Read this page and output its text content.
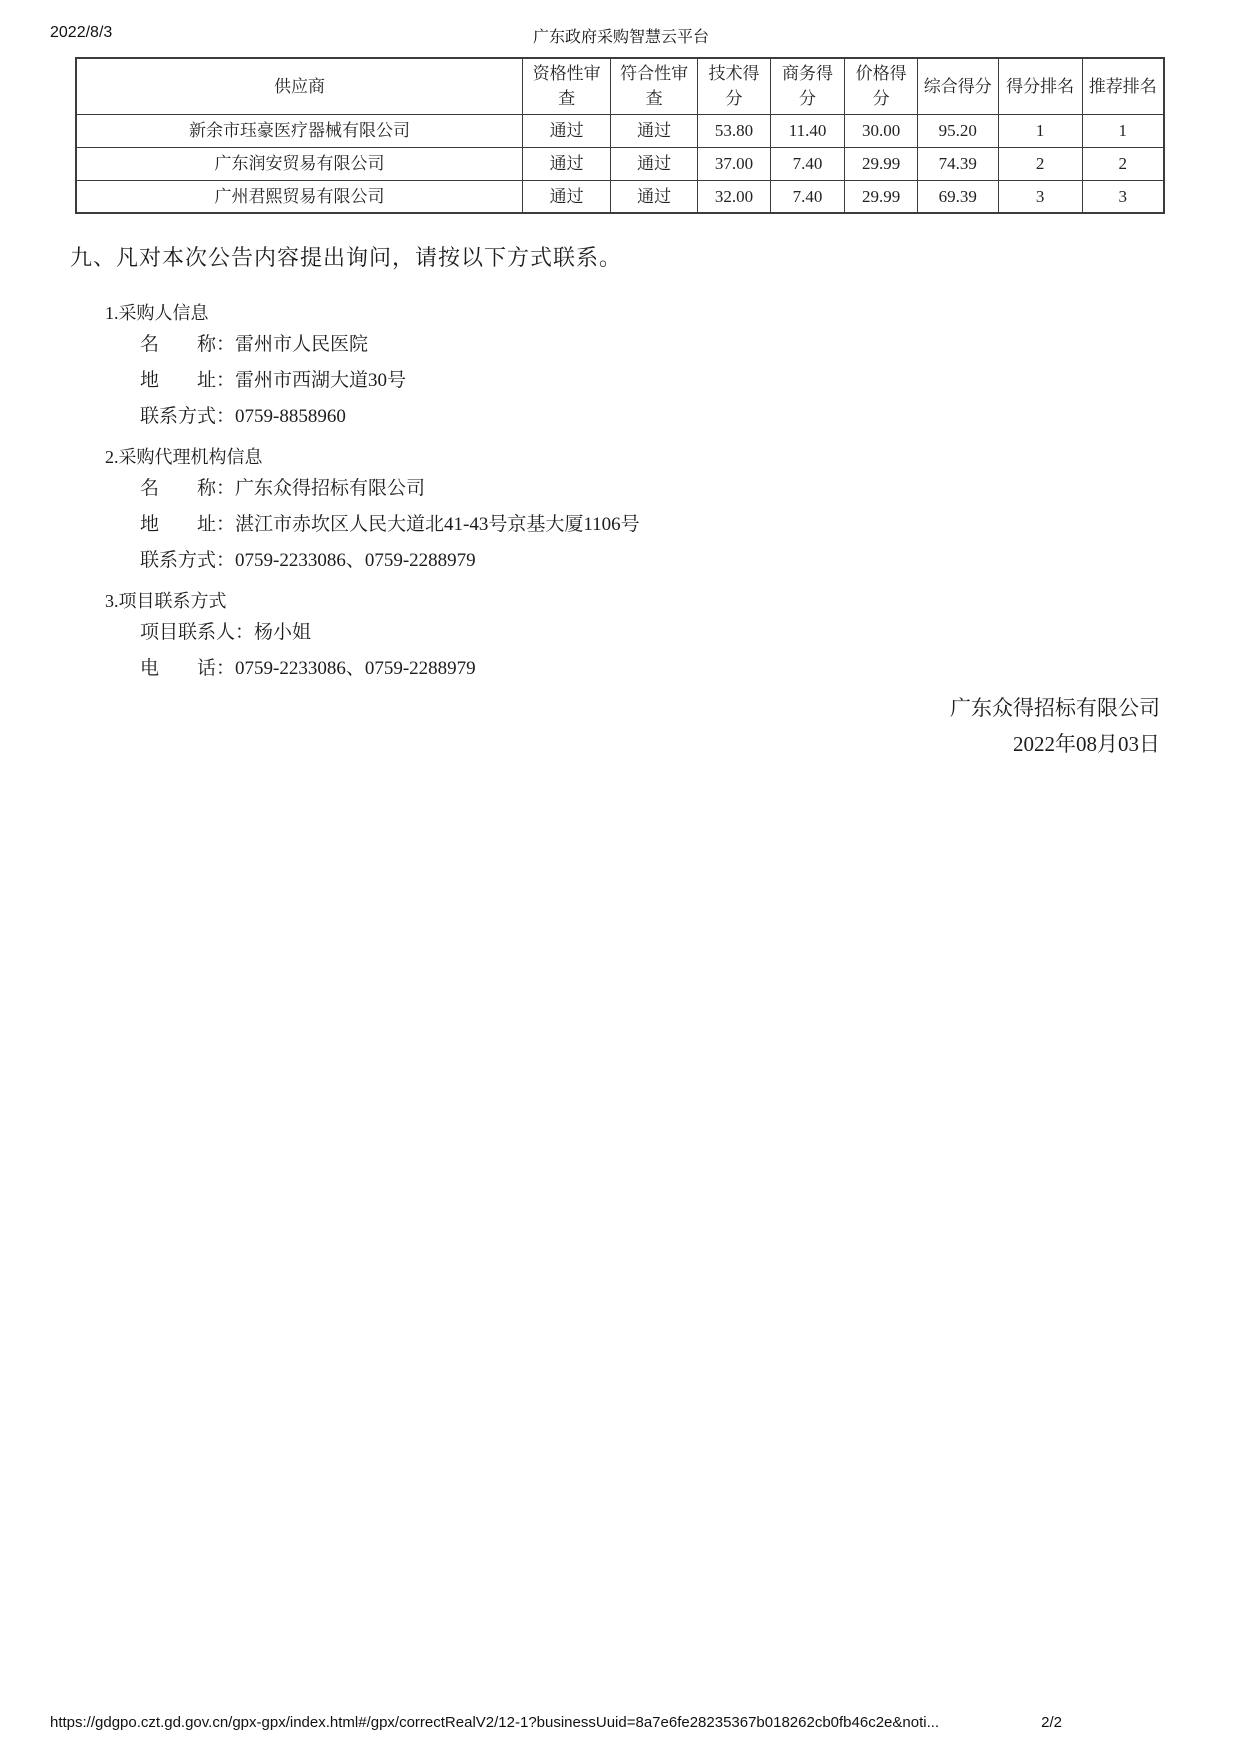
2022/8/3	广东政府采购智慧云平台
供应商	资格性审查	符合性审查	技术得分	商务得分	价格得分	综合得分	得分排名	推荐排名
新余市珏豪医疗器械有限公司	通过	通过	53.80	11.40	30.00	95.20	1	1
广东润安贸易有限公司	通过	通过	37.00	7.40	29.99	74.39	2	2
广州君熙贸易有限公司	通过	通过	32.00	7.40	29.99	69.39	3	3
九、凡对本次公告内容提出询问，请按以下方式联系。
1.采购人信息
名　　称：雷州市人民医院
地　　址：雷州市西湖大道30号
联系方式：0759-8858960
2.采购代理机构信息
名　　称：广东众得招标有限公司
地　　址：湛江市赤坎区人民大道北41-43号京基大厦1106号
联系方式：0759-2233086、0759-2288979
3.项目联系方式
项目联系人：杨小姐
电　　话：0759-2233086、0759-2288979
广东众得招标有限公司
2022年08月03日
https://gdgpo.czt.gd.gov.cn/gpx-gpx/index.html#/gpx/correctRealV2/12-1?businessUuid=8a7e6fe28235367b018262cb0fb46c2e&noti...	2/2
